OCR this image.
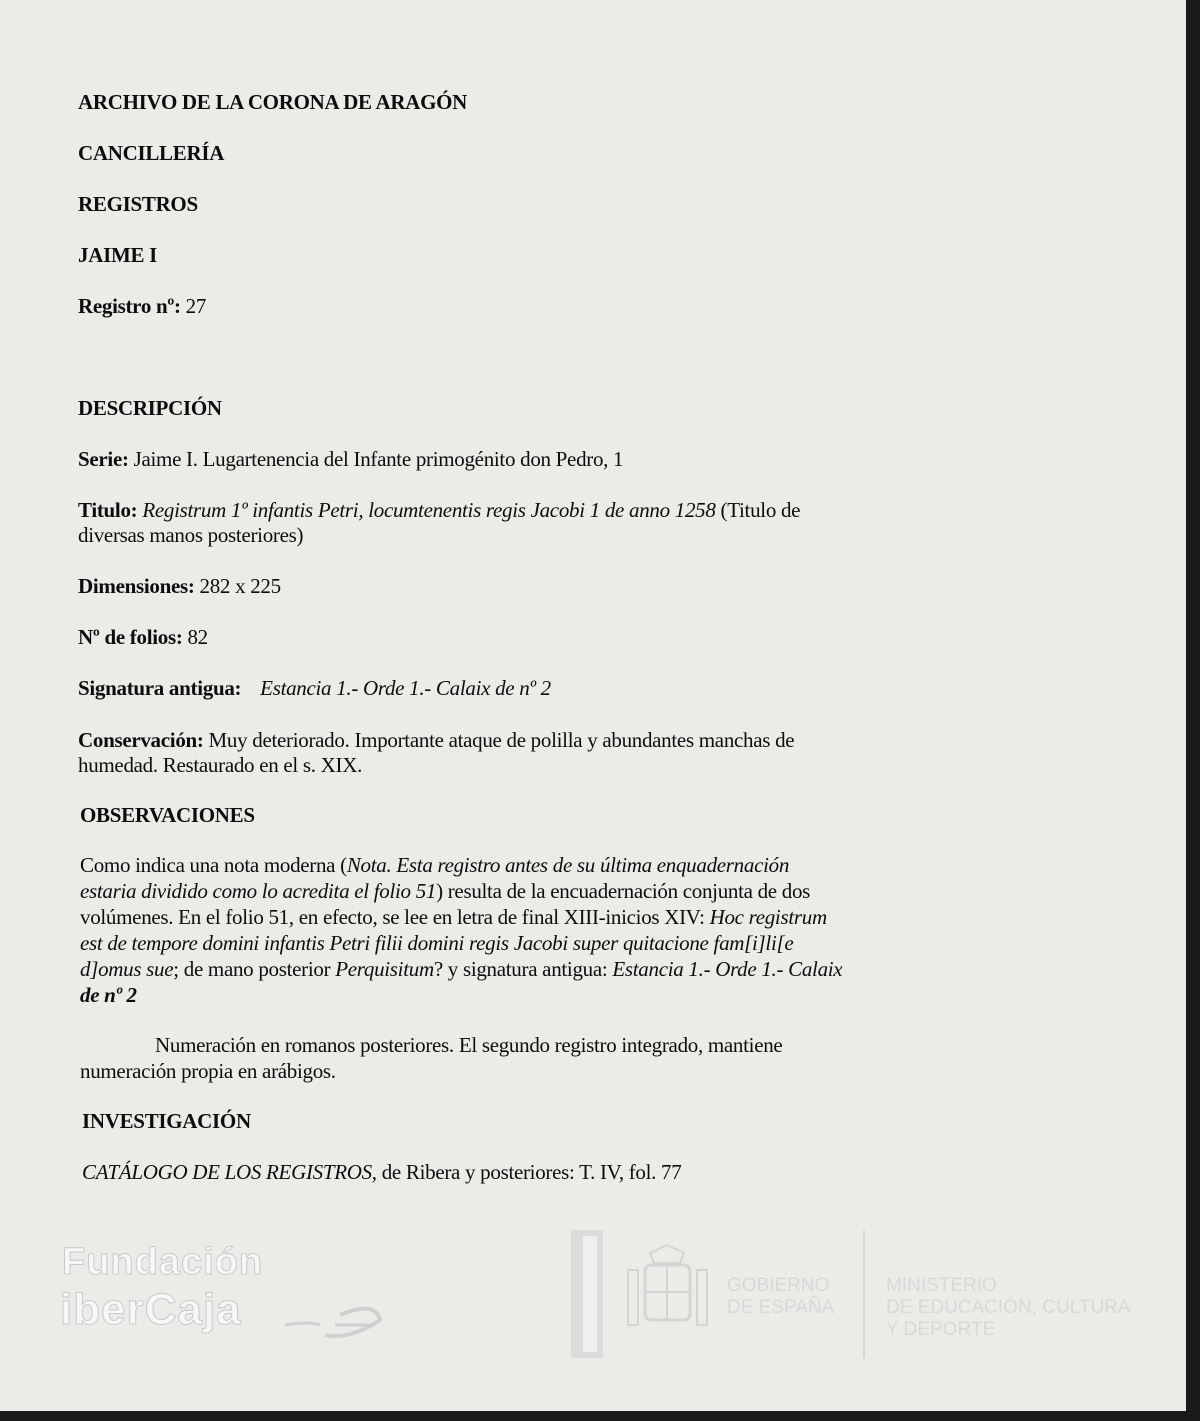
ARCHIVO DE LA CORONA DE ARAGÓN
CANCILLERÍA
REGISTROS
JAIME I
Registro nº: 27
DESCRIPCIÓN
Serie: Jaime I. Lugartenencia del Infante primogénito don Pedro, 1
Titulo: Registrum 1º infantis Petri, locumtenentis regis Jacobi 1 de anno 1258 (Titulo de
diversas manos posteriores)
Dimensiones: 282 x 225
Nº de folios: 82
Signatura antigua: Estancia 1.- Orde 1.- Calaix de nº 2
Conservación: Muy deteriorado. Importante ataque de polilla y abundantes manchas de
humedad. Restaurado en el s. XIX.
OBSERVACIONES
Como indica una nota moderna (Nota. Esta registro antes de su última enquadernación
estaria dividido como lo acredita el folio 51) resulta de la encuadernación conjunta de dos
volúmenes. En el folio 51, en efecto, se lee en letra de final XIII-inicios XIV: Hoc registrum
est de tempore domini infantis Petri filii domini regis Jacobi super quitacione fam[i]li[e
d]omus sue; de mano posterior Perquisitum? y signatura antigua: Estancia 1.- Orde 1.- Calaix
de nº 2
Numeración en romanos posteriores. El segundo registro integrado, mantiene
numeración propia en arábigos.
INVESTIGACIÓN
CATÁLOGO DE LOS REGISTROS, de Ribera y posteriores: T. IV, fol. 77
Fundación
iberCaja	GOBIERNO
DE ESPAÑA
MINISTERIO
DE EDUCACIÓN, CULTURA
Y DEPORTE
